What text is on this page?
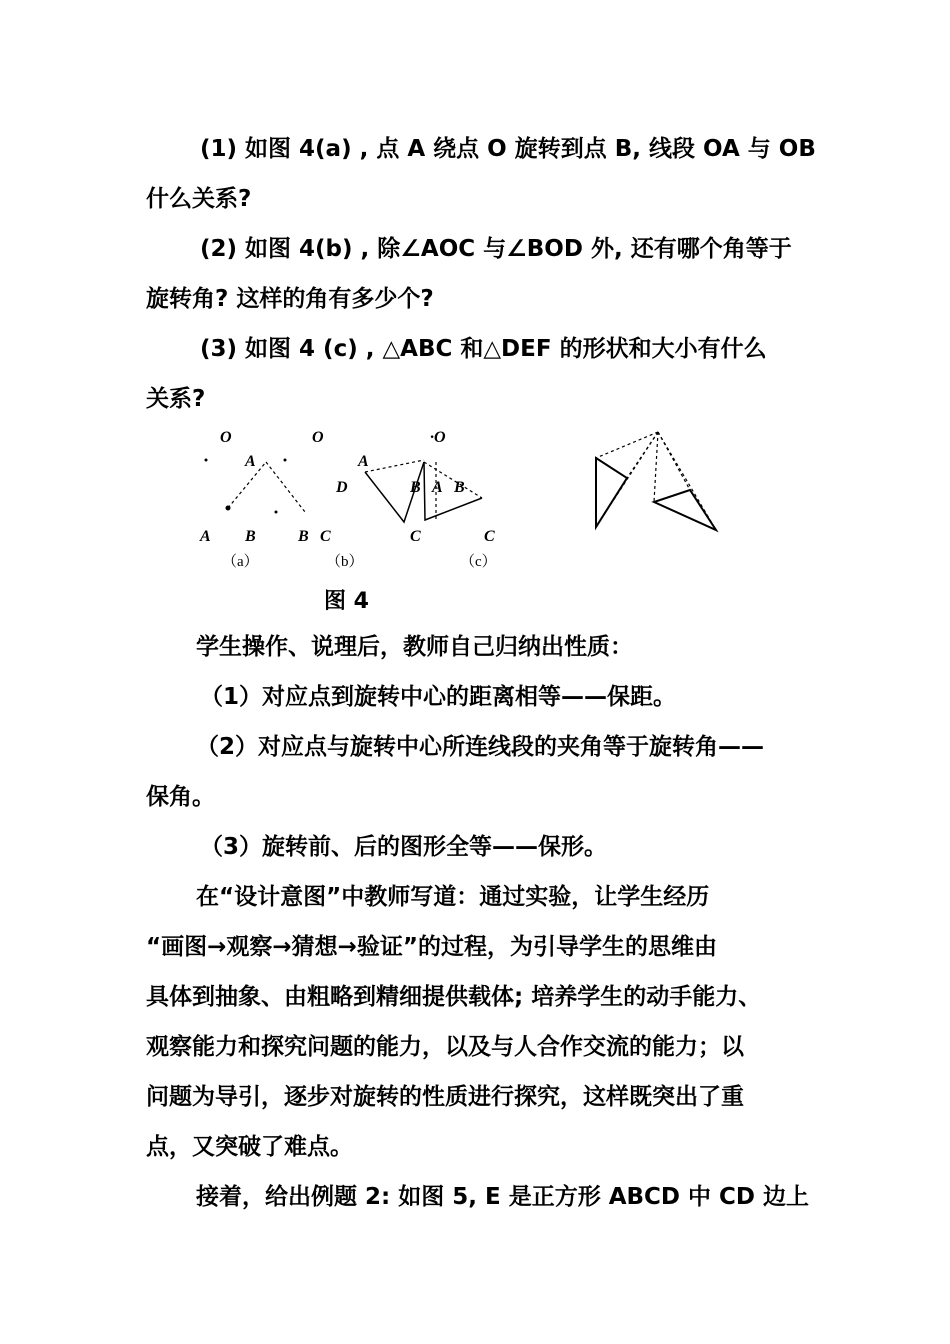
(1) 如图 4(a) , 点 A 绕点 O 旋转到点 B, 线段 OA 与 OB
什么关系?
(2) 如图 4(b) , 除∠AOC 与∠BOD 外, 还有哪个角等于
旋转角? 这样的角有多少个?
(3) 如图 4 (c) , △ABC 和△DEF 的形状和大小有什么
关系?
O
A
A B	B
（a）
O
A
D	B
C	C
（b）
·O
A B
C
（c）
图 4
学生操作、说理后，教师自己归纳出性质：
（1）对应点到旋转中心的距离相等——保距。
（2）对应点与旋转中心所连线段的夹角等于旋转角——
保角。
（3）旋转前、后的图形全等——保形。
在“设计意图”中教师写道：通过实验，让学生经历
“画图→观察→猜想→验证”的过程，为引导学生的思维由
具体到抽象、由粗略到精细提供载体; 培养学生的动手能力、
观察能力和探究问题的能力，以及与人合作交流的能力；以
问题为导引，逐步对旋转的性质进行探究，这样既突出了重
点，又突破了难点。
接着，给出例题 2: 如图 5, E 是正方形 ABCD 中 CD 边上
